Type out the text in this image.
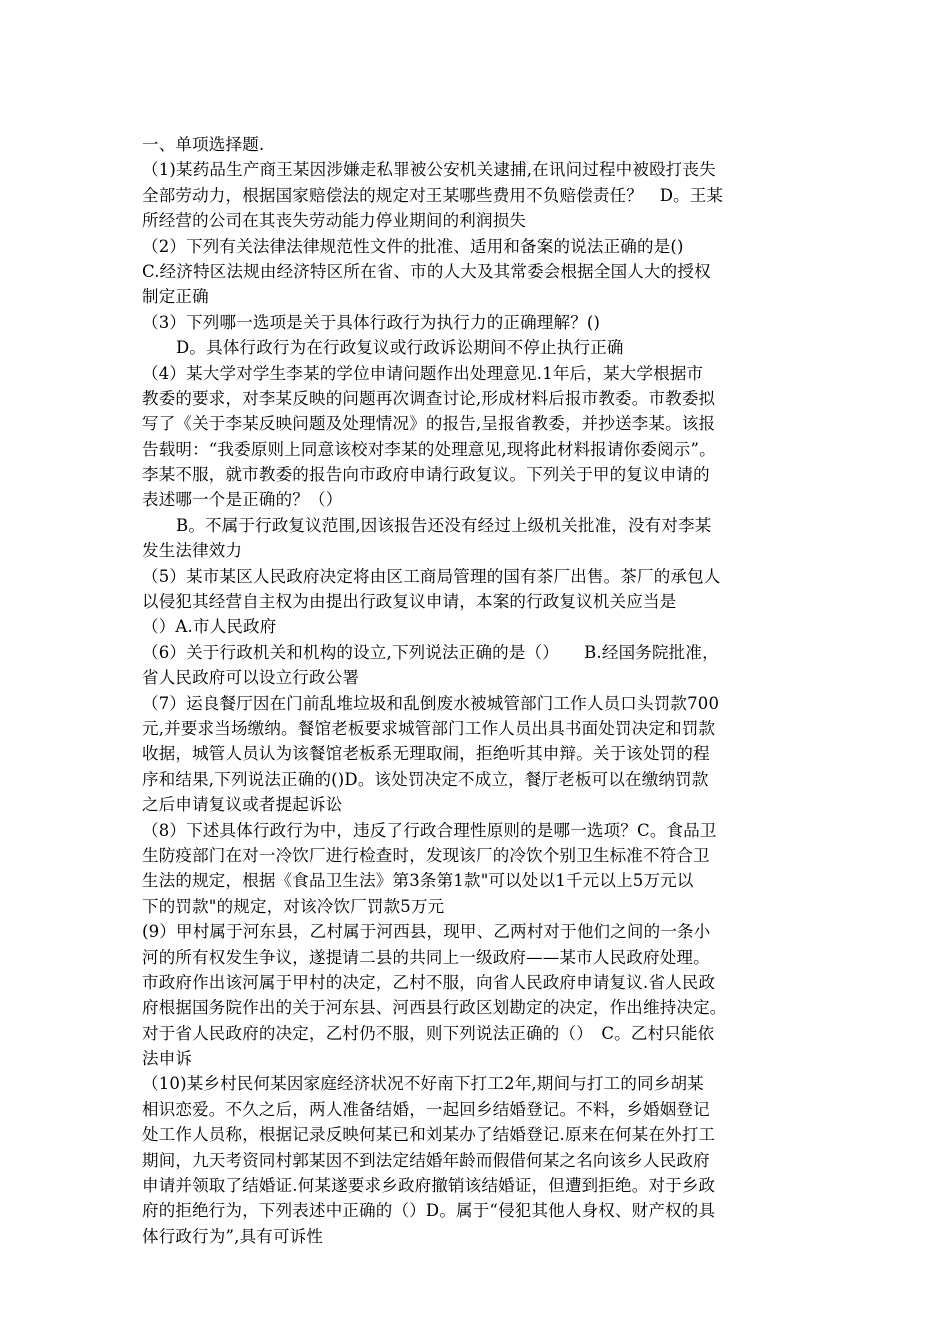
一、单项选择题.
（1)某药品生产商王某因涉嫌走私罪被公安机关逮捕,在讯问过程中被殴打丧失
全部劳动力，根据国家赔偿法的规定对王某哪些费用不负赔偿责任？　D。王某
所经营的公司在其丧失劳动能力停业期间的利润损失
（2）下列有关法律法律规范性文件的批准、适用和备案的说法正确的是()
C.经济特区法规由经济特区所在省、市的人大及其常委会根据全国人大的授权
制定正确
（3）下列哪一选项是关于具体行政行为执行力的正确理解？()
D。具体行政行为在行政复议或行政诉讼期间不停止执行正确
（4）某大学对学生李某的学位申请问题作出处理意见.1年后，某大学根据市
教委的要求，对李某反映的问题再次调查讨论,形成材料后报市教委。市教委拟
写了《关于李某反映问题及处理情况》的报告,呈报省教委，并抄送李某。该报
告载明：“我委原则上同意该校对李某的处理意见,现将此材料报请你委阅示”。
李某不服，就市教委的报告向市政府申请行政复议。下列关于甲的复议申请的
表述哪一个是正确的？（）
B。不属于行政复议范围,因该报告还没有经过上级机关批准，没有对李某
发生法律效力
（5）某市某区人民政府决定将由区工商局管理的国有茶厂出售。茶厂的承包人
以侵犯其经营自主权为由提出行政复议申请，本案的行政复议机关应当是
（）A.市人民政府
（6）关于行政机关和机构的设立,下列说法正确的是（）　　B.经国务院批准，
省人民政府可以设立行政公署
（7）运良餐厅因在门前乱堆垃圾和乱倒废水被城管部门工作人员口头罚款700
元,并要求当场缴纳。餐馆老板要求城管部门工作人员出具书面处罚决定和罚款
收据，城管人员认为该餐馆老板系无理取闹，拒绝听其申辩。关于该处罚的程
序和结果,下列说法正确的()D。该处罚决定不成立，餐厅老板可以在缴纳罚款
之后申请复议或者提起诉讼
（8）下述具体行政行为中，违反了行政合理性原则的是哪一选项？C。食品卫
生防疫部门在对一冷饮厂进行检查时，发现该厂的冷饮个别卫生标准不符合卫
生法的规定，根据《食品卫生法》第3条第1款"可以处以1千元以上5万元以
下的罚款"的规定，对该冷饮厂罚款5万元
(9）甲村属于河东县，乙村属于河西县，现甲、乙两村对于他们之间的一条小
河的所有权发生争议，遂提请二县的共同上一级政府——某市人民政府处理。
市政府作出该河属于甲村的决定，乙村不服，向省人民政府申请复议.省人民政
府根据国务院作出的关于河东县、河西县行政区划勘定的决定，作出维持决定。
对于省人民政府的决定，乙村仍不服，则下列说法正确的（）　C。乙村只能依
法申诉
（10)某乡村民何某因家庭经济状况不好南下打工2年,期间与打工的同乡胡某
相识恋爱。不久之后，两人准备结婚，一起回乡结婚登记。不料，乡婚姻登记
处工作人员称，根据记录反映何某已和刘某办了结婚登记.原来在何某在外打工
期间，九天考资同村郭某因不到法定结婚年龄而假借何某之名向该乡人民政府
申请并领取了结婚证.何某遂要求乡政府撤销该结婚证，但遭到拒绝。对于乡政
府的拒绝行为，下列表述中正确的（）D。属于“侵犯其他人身权、财产权的具
体行政行为”,具有可诉性
